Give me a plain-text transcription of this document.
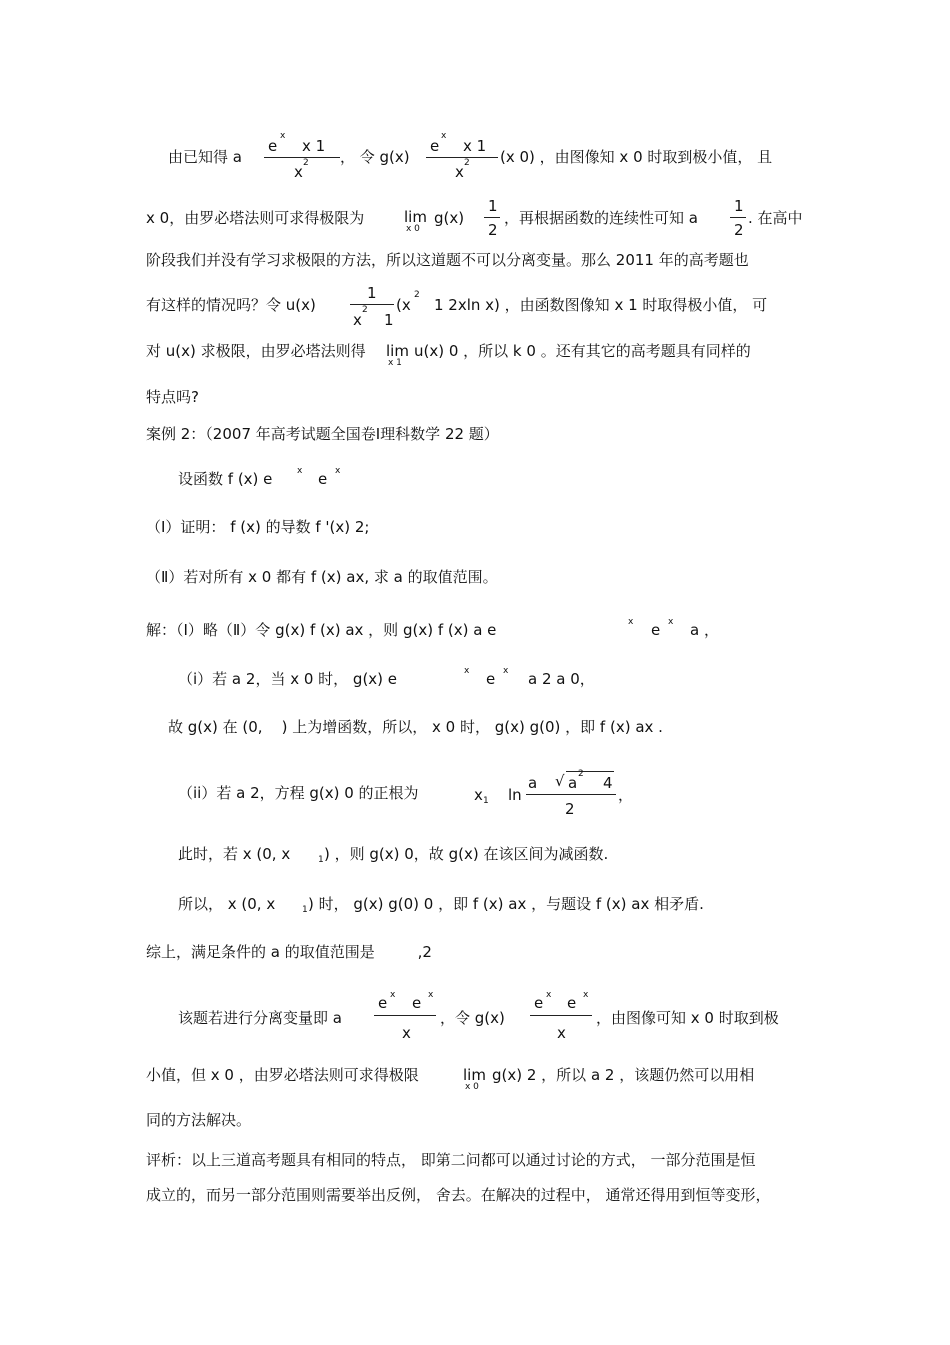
由已知得 a
e
x
x 1
x 2 ， 令 g(x)
e
x
x 1
x 2 (x 0) ，由图像知 x 0 时取到极小值， 且
x 0，由罗必塔法则可求得极限为	lim
x 0
g(x)
1
2
，再根据函数的连续性可知 a
1
2
. 在高中
阶段我们并没有学习求极限的方法，所以这道题不可以分离变量。那么 2011 年的高考题也
有这样的情况吗？令 u(x)
1
x
2
1
(x
2
1 2xln x) ，由函数图像知 x 1 时取得极小值， 可
对 u(x) 求极限，由罗必塔法则得 lim
x 1
u(x) 0 ，所以 k 0 。还有其它的高考题具有同样的
特点吗?
案例 2：（2007 年高考试题全国卷Ⅰ理科数学 22 题）
设函数 f (x) e	x e x
（Ⅰ）证明： f (x) 的导数 f '(x) 2;
（Ⅱ）若对所有 x 0 都有 f (x) ax, 求 a 的取值范围。
解：（Ⅰ）略（Ⅱ）令 g(x) f (x) ax ，则 g(x) f (x) a e	x e x a ，
（i）若 a 2，当 x 0 时， g(x) e	x e x a 2 a 0，
故 g(x) 在 (0,    ) 上为增函数，所以， x 0 时， g(x) g(0) ，即 f (x) ax .
（ii）若 a 2，方程 g(x) 0 的正根为	x 1 ln
a √ a 2 4
2
，
此时，若 x (0, x	1 ) ，则 g(x) 0，故 g(x) 在该区间为减函数.
所以， x (0, x	1 ) 时， g(x) g(0) 0 ，即 f (x) ax ，与题设 f (x) ax 相矛盾.
综上，满足条件的 a 的取值范围是         ,2
该题若进行分离变量即 a
e x e x
x
，令 g(x)
e x e x
x
，由图像可知 x 0 时取到极
小值，但 x 0 ，由罗必塔法则可求得极限	lim
x 0
g(x) 2 ，所以 a 2 ，该题仍然可以用相
同的方法解决。
评析：以上三道高考题具有相同的特点， 即第二问都可以通过讨论的方式， 一部分范围是恒
成立的，而另一部分范围则需要举出反例， 舍去。在解决的过程中， 通常还得用到恒等变形，
